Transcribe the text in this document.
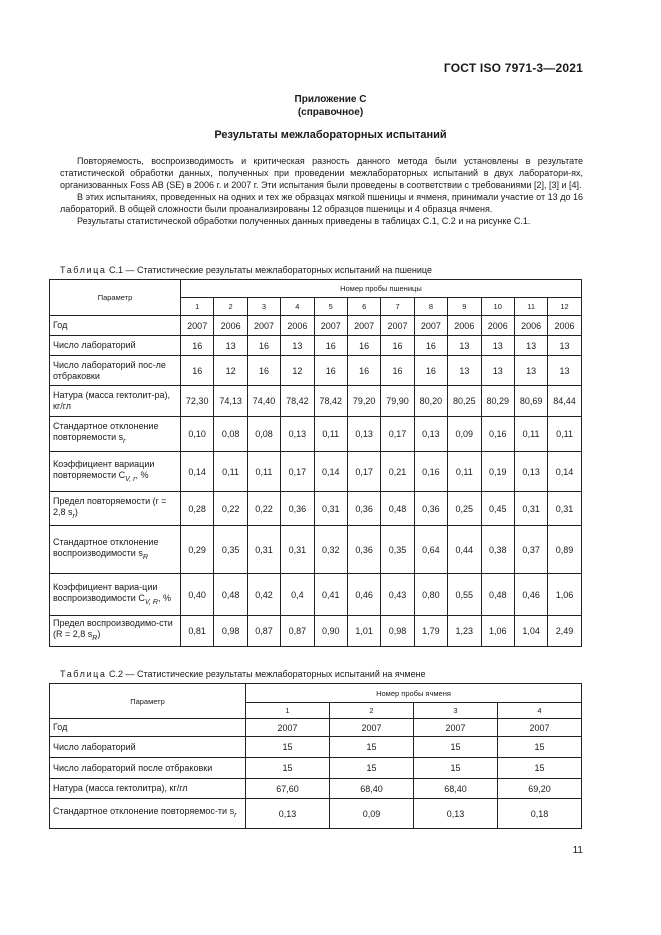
ГОСТ ISO 7971-3—2021
Приложение С
(справочное)
Результаты межлабораторных испытаний

Повторяемость, воспроизводимость и критическая разность данного метода были установлены в результате статистической обработки данных, полученных при проведении межлабораторных испытаний в двух лаборатори-ях, организованных Foss AB (SE) в 2006 г. и 2007 г. Эти испытания были проведены в соответствии с требованиями [2], [3] и [4].

В этих испытаниях, проведенных на одних и тех же образцах мягкой пшеницы и ячменя, принимали участие от 13 до 16 лабораторий. В общей сложности были проанализированы 12 образцов пшеницы и 4 образца ячменя.

Результаты статистической обработки полученных данных приведены в таблицах С.1, С.2 и на рисунке С.1.

Таблица С.1 — Статистические результаты межлабораторных испытаний на пшенице
Параметр	Номер пробы пшеницы											
	1	2	3	4	5	6	7	8	9	10	11	12
Год	2007	2006	2007	2006	2007	2007	2007	2007	2006	2006	2006	2006
Число лабораторий	16	13	16	13	16	16	16	16	13	13	13	13
Число лабораторий пос-ле отбраковки	16	12	16	12	16	16	16	16	13	13	13	13
Натура (масса гектолит-ра), кг/гл	72,30	74,13	74,40	78,42	78,42	79,20	79,90	80,20	80,25	80,29	80,69	84,44
Стандартное отклонение повторяемости $s_r$	0,10	0,08	0,08	0,13	0,11	0,13	0,17	0,13	0,09	0,16	0,11	0,11
Коэффициент вариации повторяемости $C_{V, r}$, %	0,14	0,11	0,11	0,17	0,14	0,17	0,21	0,16	0,11	0,19	0,13	0,14
Предел повторяемости (r = 2,8 $s_r$)	0,28	0,22	0,22	0,36	0,31	0,36	0,48	0,36	0,25	0,45	0,31	0,31
Стандартное отклонение воспроизводимости $s_R$	0,29	0,35	0,31	0,31	0,32	0,36	0,35	0,64	0,44	0,38	0,37	0,89
Коэффициент вариа-ции воспроизводимости $C_{V, R}$, %	0,40	0,48	0,42	0,4	0,41	0,46	0,43	0,80	0,55	0,48	0,46	1,06
Предел воспроизводимо-сти (R = 2,8 $s_R$)	0,81	0,98	0,87	0,87	0,90	1,01	0,98	1,79	1,23	1,06	1,04	2,49
Таблица С.2 — Статистические результаты межлабораторных испытаний на ячмене
Параметр	Номер пробы ячменя			
	1	2	3	4
Год	2007	2007	2007	2007
Число лабораторий	15	15	15	15
Число лабораторий после отбраковки	15	15	15	15
Натура (масса гектолитра), кг/гл	67,60	68,40	68,40	69,20
Стандартное отклонение повторяемос-ти $s_r$	0,13	0,09	0,13	0,18
11
